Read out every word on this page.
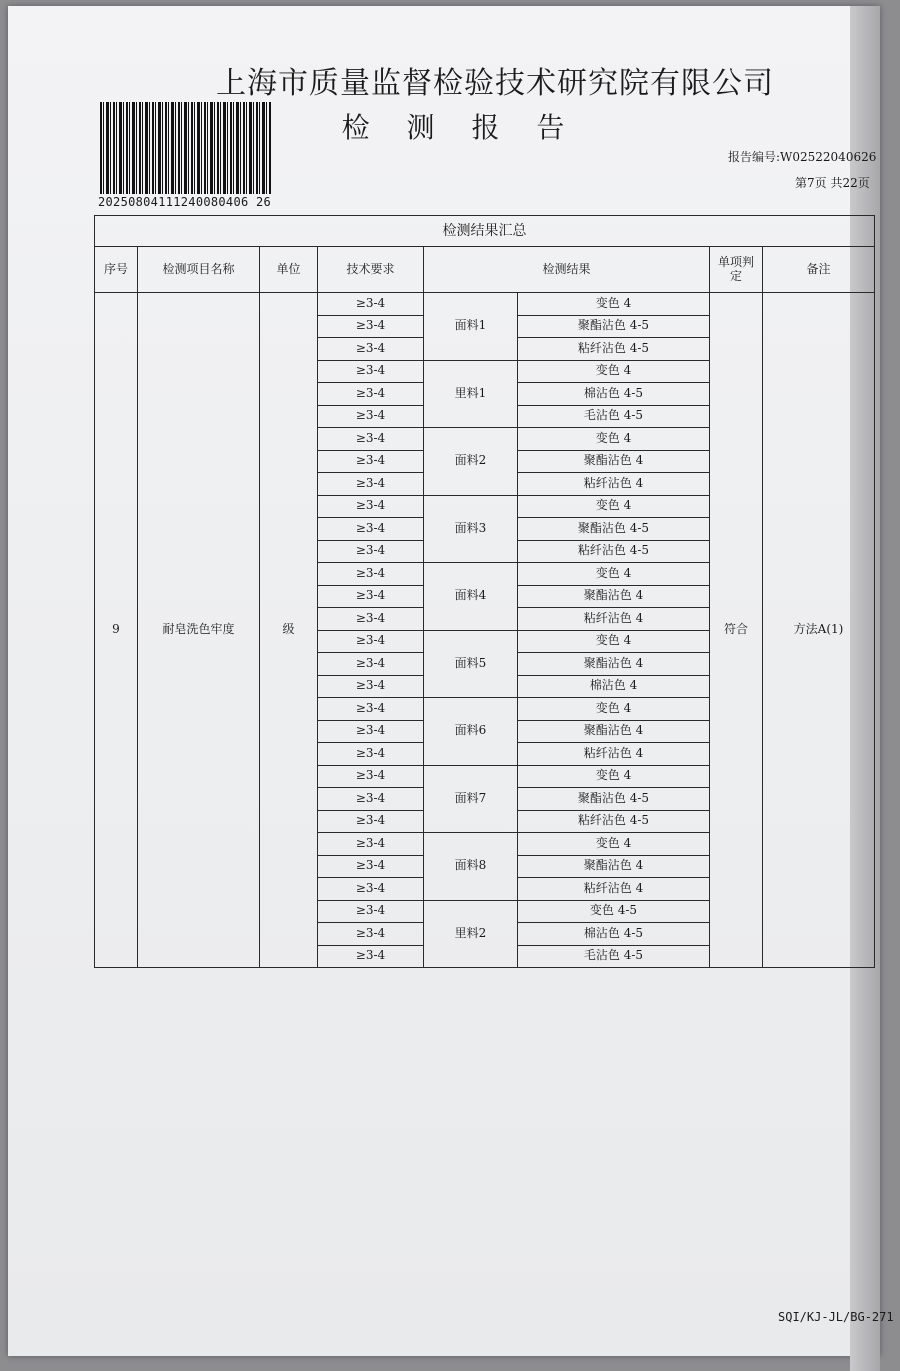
上海市质量监督检验技术研究院有限公司
检 测 报 告
20250804111240080406 26
报告编号:W02522040626
第7页 共22页
检测结果汇总							
序号	检测项目名称	单位	技术要求	检测结果		单项判定	备注
9	耐皂洗色牢度	级	≥3-4	面料1	变色 4	符合	方法A(1)
			≥3-4		聚酯沾色 4-5		
			≥3-4		粘纤沾色 4-5		
			≥3-4	里料1	变色 4		
			≥3-4		棉沾色 4-5		
			≥3-4		毛沾色 4-5		
			≥3-4	面料2	变色 4		
			≥3-4		聚酯沾色 4		
			≥3-4		粘纤沾色 4		
			≥3-4	面料3	变色 4		
			≥3-4		聚酯沾色 4-5		
			≥3-4		粘纤沾色 4-5		
			≥3-4	面料4	变色 4		
			≥3-4		聚酯沾色 4		
			≥3-4		粘纤沾色 4		
			≥3-4	面料5	变色 4		
			≥3-4		聚酯沾色 4		
			≥3-4		棉沾色 4		
			≥3-4	面料6	变色 4		
			≥3-4		聚酯沾色 4		
			≥3-4		粘纤沾色 4		
			≥3-4	面料7	变色 4		
			≥3-4		聚酯沾色 4-5		
			≥3-4		粘纤沾色 4-5		
			≥3-4	面料8	变色 4		
			≥3-4		聚酯沾色 4		
			≥3-4		粘纤沾色 4		
			≥3-4	里料2	变色 4-5		
			≥3-4		棉沾色 4-5		
			≥3-4		毛沾色 4-5		
SQI/KJ-JL/BG-271
